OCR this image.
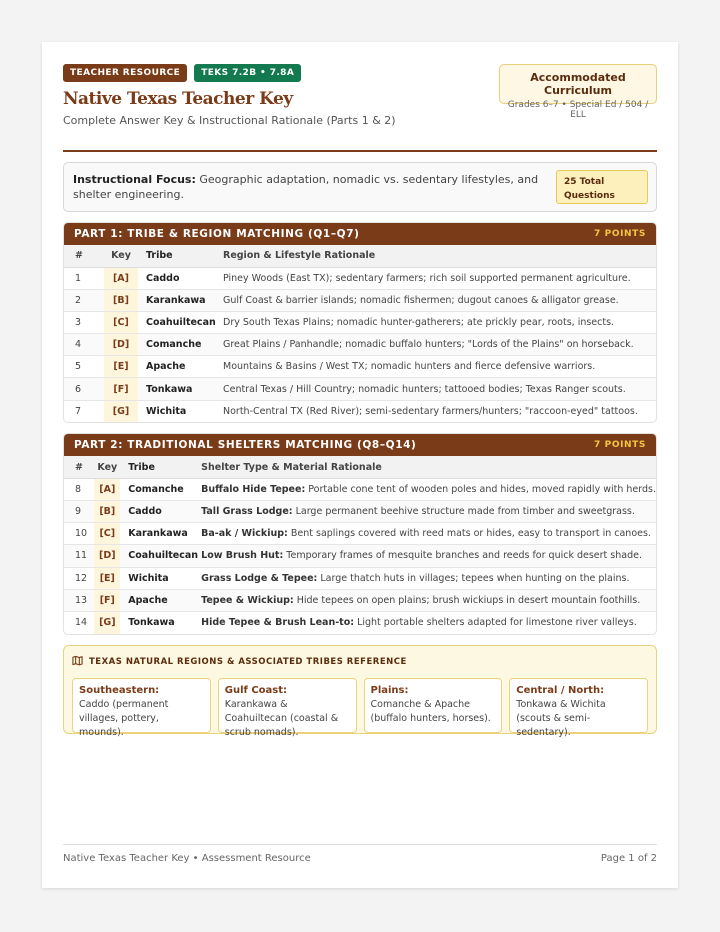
TEACHER RESOURCE	TEKS 7.2B • 7.8A
Native Texas Teacher Key
Complete Answer Key & Instructional Rationale (Parts 1 & 2)
Accommodated Curriculum
Grades 6–7 • Special Ed / 504 / ELL
Instructional Focus: Geographic adaptation, nomadic vs. sedentary lifestyles, and shelter engineering.
25 Total
Questions
PART 1: TRIBE & REGION MATCHING (Q1–Q7)	7 POINTS
#	Key	Tribe	Region & Lifestyle Rationale
1	[A]	Caddo	Piney Woods (East TX); sedentary farmers; rich soil supported permanent agriculture.
2	[B]	Karankawa	Gulf Coast & barrier islands; nomadic fishermen; dugout canoes & alligator grease.
3	[C]	Coahuiltecan	Dry South Texas Plains; nomadic hunter-gatherers; ate prickly pear, roots, insects.
4	[D]	Comanche	Great Plains / Panhandle; nomadic buffalo hunters; "Lords of the Plains" on horseback.
5	[E]	Apache	Mountains & Basins / West TX; nomadic hunters and fierce defensive warriors.
6	[F]	Tonkawa	Central Texas / Hill Country; nomadic hunters; tattooed bodies; Texas Ranger scouts.
7	[G]	Wichita	North-Central TX (Red River); semi-sedentary farmers/hunters; "raccoon-eyed" tattoos.
PART 2: TRADITIONAL SHELTERS MATCHING (Q8–Q14)	7 POINTS
#	Key	Tribe	Shelter Type & Material Rationale
8	[A]	Comanche	Buffalo Hide Tepee: Portable cone tent of wooden poles and hides, moved rapidly with herds.
9	[B]	Caddo	Tall Grass Lodge: Large permanent beehive structure made from timber and sweetgrass.
10	[C]	Karankawa	Ba-ak / Wickiup: Bent saplings covered with reed mats or hides, easy to transport in canoes.
11	[D]	Coahuiltecan	Low Brush Hut: Temporary frames of mesquite branches and reeds for quick desert shade.
12	[E]	Wichita	Grass Lodge & Tepee: Large thatch huts in villages; tepees when hunting on the plains.
13	[F]	Apache	Tepee & Wickiup: Hide tepees on open plains; brush wickiups in desert mountain foothills.
14	[G]	Tonkawa	Hide Tepee & Brush Lean-to: Light portable shelters adapted for limestone river valleys.
TEXAS NATURAL REGIONS & ASSOCIATED TRIBES REFERENCE
Southeastern:
Caddo (permanent villages, pottery, mounds).
Gulf Coast:
Karankawa & Coahuiltecan (coastal & scrub nomads).
Plains:
Comanche & Apache (buffalo hunters, horses).
Central / North:
Tonkawa & Wichita (scouts & semi-sedentary).
Native Texas Teacher Key • Assessment Resource	Page 1 of 2
